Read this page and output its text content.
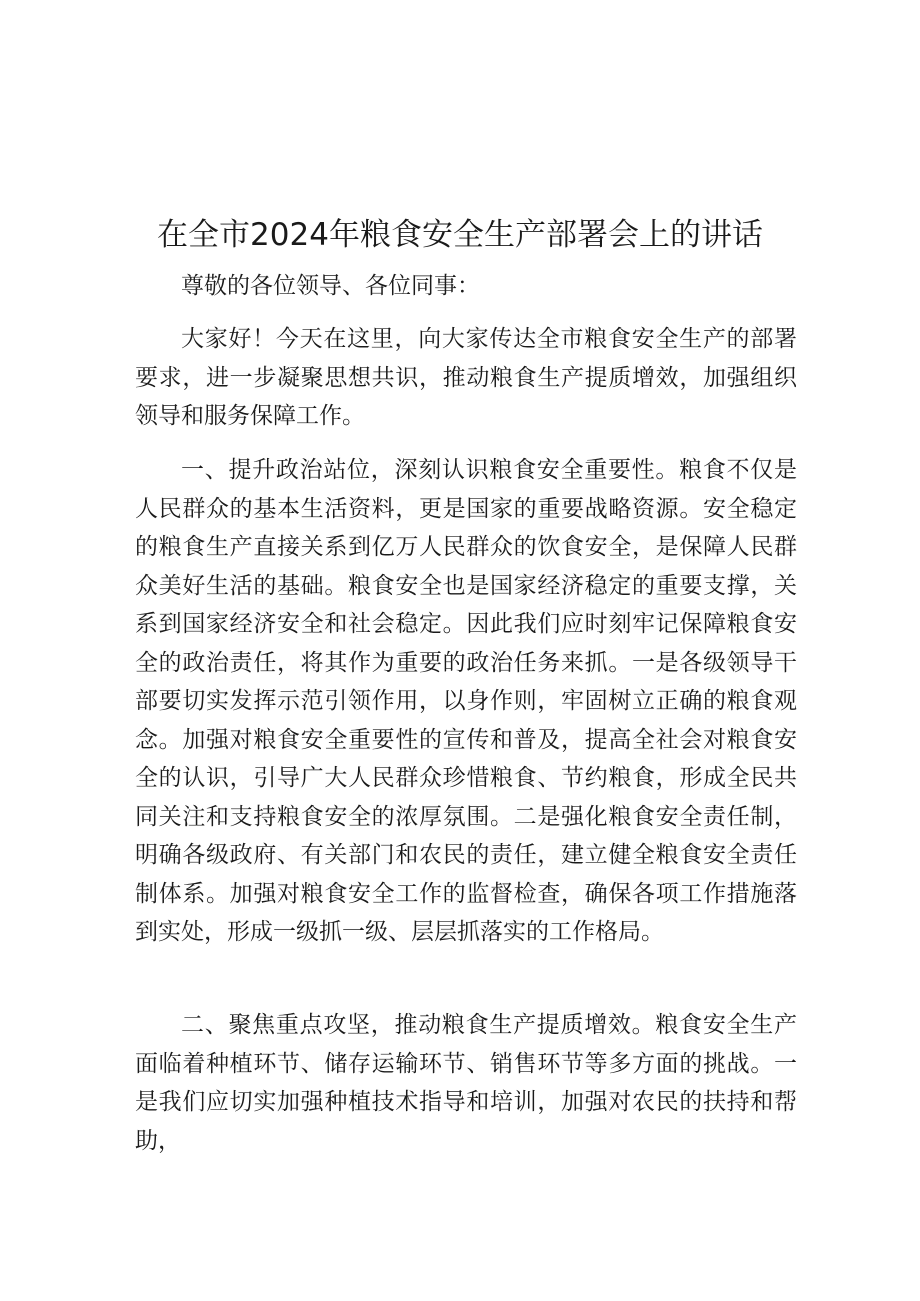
在全市2024年粮食安全生产部署会上的讲话

尊敬的各位领导、各位同事：

大家好！今天在这里，向大家传达全市粮食安全生产的部署要求，进一步凝聚思想共识，推动粮食生产提质增效，加强组织领导和服务保障工作。

一、提升政治站位，深刻认识粮食安全重要性。粮食不仅是人民群众的基本生活资料，更是国家的重要战略资源。安全稳定的粮食生产直接关系到亿万人民群众的饮食安全，是保障人民群众美好生活的基础。粮食安全也是国家经济稳定的重要支撑，关系到国家经济安全和社会稳定。因此我们应时刻牢记保障粮食安全的政治责任，将其作为重要的政治任务来抓。一是各级领导干部要切实发挥示范引领作用，以身作则，牢固树立正确的粮食观念。加强对粮食安全重要性的宣传和普及，提高全社会对粮食安全的认识，引导广大人民群众珍惜粮食、节约粮食，形成全民共同关注和支持粮食安全的浓厚氛围。二是强化粮食安全责任制，明确各级政府、有关部门和农民的责任，建立健全粮食安全责任制体系。加强对粮食安全工作的监督检查，确保各项工作措施落到实处，形成一级抓一级、层层抓落实的工作格局。

二、聚焦重点攻坚，推动粮食生产提质增效。粮食安全生产面临着种植环节、储存运输环节、销售环节等多方面的挑战。一是我们应切实加强种植技术指导和培训，加强对农民的扶持和帮助，
